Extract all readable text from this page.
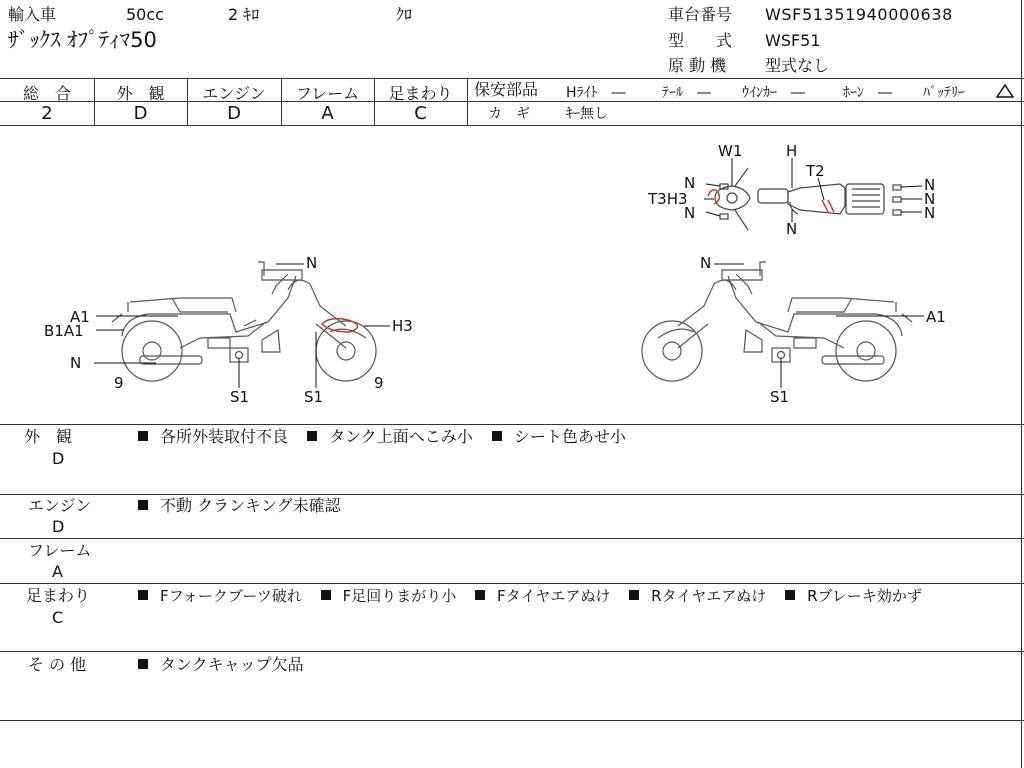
輸入車	50cc	2 ｷﾛ	ｸﾛ
ｻﾞｯｸｽ ｵﾌﾟﾃｨﾏ50
車台番号 WSF51351940000638
型　　式 WSF51
原 動 機 型式なし
総　合	外　観	エンジン	フレーム	足まわり
2	D	D	A	C
保安部品 Hﾗｲﾄ　―	ﾃｰﾙ　― ｳｲﾝｶｰ　―	ﾎｰﾝ　― ﾊﾞｯﾃﾘｰ
カ　ギ	ｷｰ無し
W1	H
T2
T3H3
N
N
N
N
N
N
N
A1
B1A1
N
9
S1	S1
9
H3
N
A1
S1
外　観
D
各所外装取付不良	タンク上面へこみ小	シート色あせ小
エンジン
D
不動 クランキング未確認
フレーム
A
足まわり
C
Fフォークブーツ破れ	F足回りまがり小	Fタイヤエアぬけ	Rタイヤエアぬけ	Rブレーキ効かず
そ の 他	タンクキャップ欠品
